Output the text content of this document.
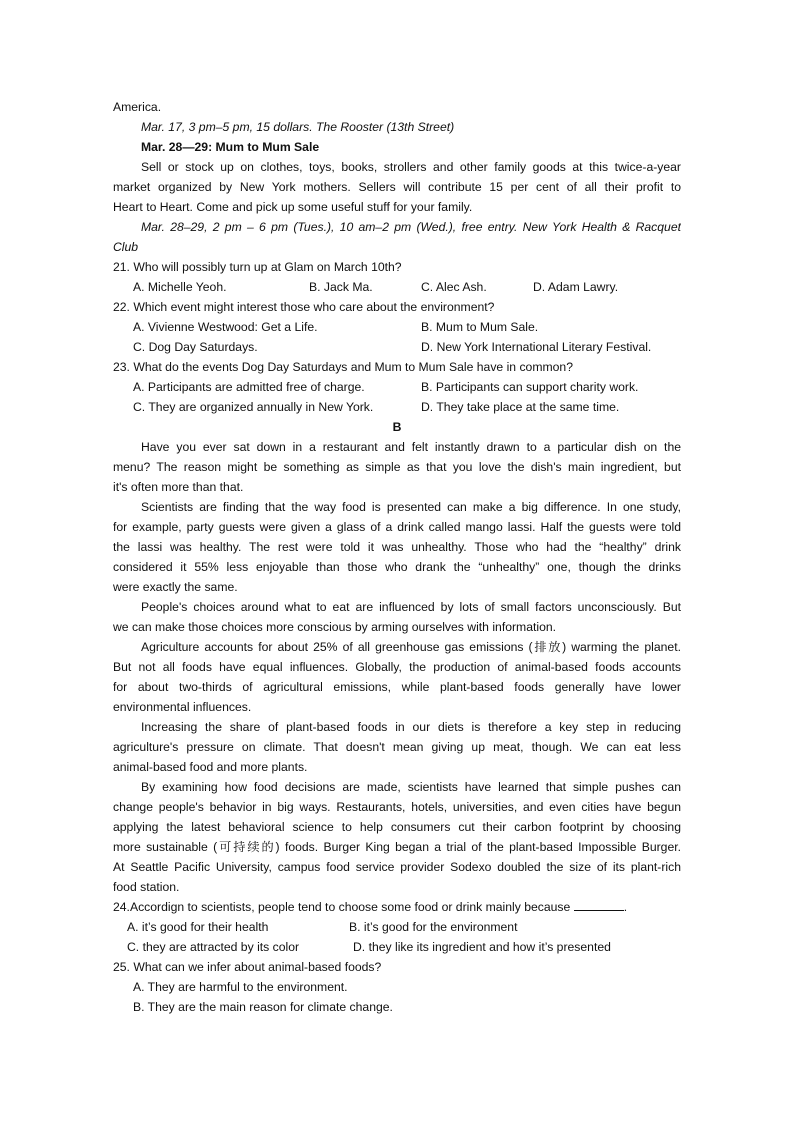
America.
Mar. 17, 3 pm–5 pm, 15 dollars. The Rooster (13th Street)
Mar. 28—29: Mum to Mum Sale
Sell or stock up on clothes, toys, books, strollers and other family goods at this twice-a-year
market organized by New York mothers. Sellers will contribute 15 per cent of all their profit to
Heart to Heart. Come and pick up some useful stuff for your family.
Mar. 28–29, 2 pm – 6 pm (Tues.), 10 am–2 pm (Wed.), free entry. New York Health & Racquet
Club
21. Who will possibly turn up at Glam on March 10th?
A. Michelle Yeoh.	B. Jack Ma.	C. Alec Ash.	D. Adam Lawry.
22. Which event might interest those who care about the environment?
A. Vivienne Westwood: Get a Life.	B. Mum to Mum Sale.
C. Dog Day Saturdays.	D. New York International Literary Festival.
23. What do the events Dog Day Saturdays and Mum to Mum Sale have in common?
A. Participants are admitted free of charge.	B. Participants can support charity work.
C. They are organized annually in New York.	D. They take place at the same time.
B
Have you ever sat down in a restaurant and felt instantly drawn to a particular dish on the
menu? The reason might be something as simple as that you love the dish's main ingredient, but
it's often more than that.
Scientists are finding that the way food is presented can make a big difference. In one study,
for example, party guests were given a glass of a drink called mango lassi. Half the guests were told
the lassi was healthy. The rest were told it was unhealthy. Those who had the “healthy” drink
considered it 55% less enjoyable than those who drank the “unhealthy” one, though the drinks
were exactly the same.
People's choices around what to eat are influenced by lots of small factors unconsciously. But
we can make those choices more conscious by arming ourselves with information.
Agriculture accounts for about 25% of all greenhouse gas emissions (排放) warming the planet.
But not all foods have equal influences. Globally, the production of animal-based foods accounts
for about two-thirds of agricultural emissions, while plant-based foods generally have lower
environmental influences.
Increasing the share of plant-based foods in our diets is therefore a key step in reducing
agriculture's pressure on climate. That doesn't mean giving up meat, though. We can eat less
animal-based food and more plants.
By examining how food decisions are made, scientists have learned that simple pushes can
change people's behavior in big ways. Restaurants, hotels, universities, and even cities have begun
applying the latest behavioral science to help consumers cut their carbon footprint by choosing
more sustainable (可持续的) foods. Burger King began a trial of the plant-based Impossible Burger.
At Seattle Pacific University, campus food service provider Sodexo doubled the size of its plant-rich
food station.
24.Accordign to scientists, people tend to choose some food or drink mainly because	.
A. it’s good for their health	B. it’s good for the environment
C. they are attracted by its color	D. they like its ingredient and how it’s presented
25. What can we infer about animal-based foods?
A. They are harmful to the environment.
B. They are the main reason for climate change.
